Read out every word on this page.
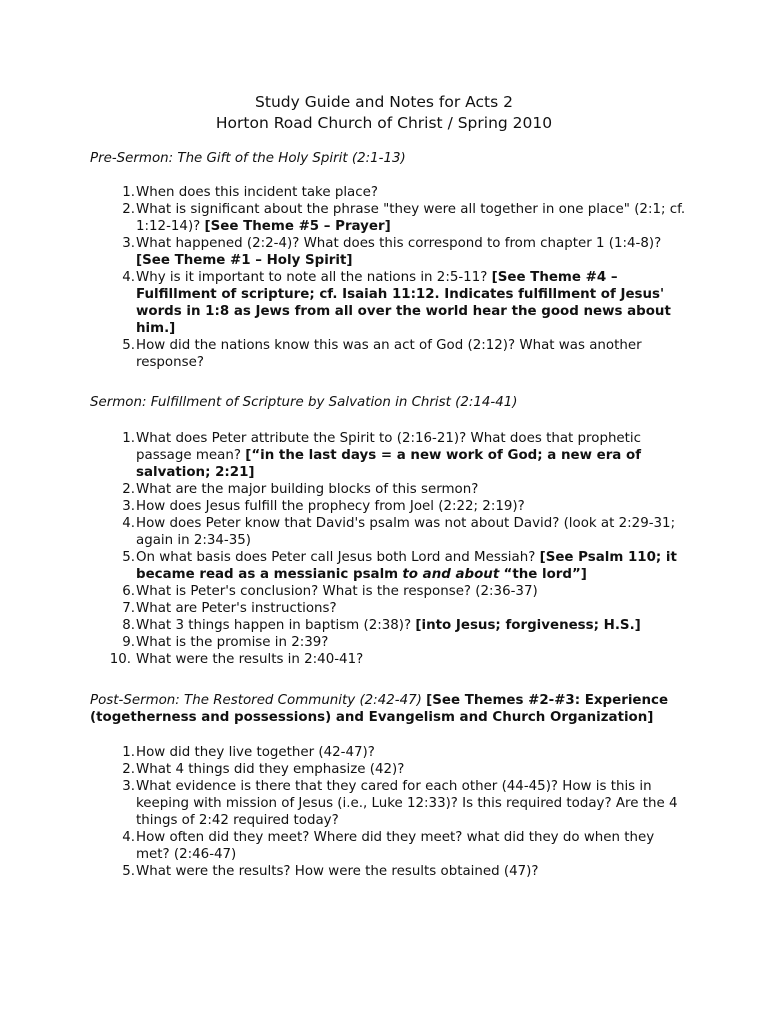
Study Guide and Notes for Acts 2
Horton Road Church of Christ / Spring 2010
Pre-Sermon: The Gift of the Holy Spirit (2:1-13)
1. When does this incident take place?
2. What is significant about the phrase "they were all together in one place" (2:1; cf. 1:12-14)? [See Theme #5 – Prayer]
3. What happened (2:2-4)? What does this correspond to from chapter 1 (1:4-8)? [See Theme #1 – Holy Spirit]
4. Why is it important to note all the nations in 2:5-11? [See Theme #4 – Fulfillment of scripture; cf. Isaiah 11:12. Indicates fulfillment of Jesus' words in 1:8 as Jews from all over the world hear the good news about him.]
5. How did the nations know this was an act of God (2:12)? What was another response?
Sermon: Fulfillment of Scripture by Salvation in Christ (2:14-41)
1. What does Peter attribute the Spirit to (2:16-21)? What does that prophetic passage mean? [“in the last days = a new work of God; a new era of salvation; 2:21]
2. What are the major building blocks of this sermon?
3. How does Jesus fulfill the prophecy from Joel (2:22; 2:19)?
4. How does Peter know that David's psalm was not about David? (look at 2:29-31; again in 2:34-35)
5. On what basis does Peter call Jesus both Lord and Messiah? [See Psalm 110; it became read as a messianic psalm to and about “the lord”]
6. What is Peter's conclusion? What is the response? (2:36-37)
7. What are Peter's instructions?
8. What 3 things happen in baptism (2:38)? [into Jesus; forgiveness; H.S.]
9. What is the promise in 2:39?
10. What were the results in 2:40-41?
Post-Sermon: The Restored Community (2:42-47) [See Themes #2-#3: Experience (togetherness and possessions) and Evangelism and Church Organization]
1. How did they live together (42-47)?
2. What 4 things did they emphasize (42)?
3. What evidence is there that they cared for each other (44-45)? How is this in keeping with mission of Jesus (i.e., Luke 12:33)? Is this required today? Are the 4 things of 2:42 required today?
4. How often did they meet? Where did they meet? what did they do when they met? (2:46-47)
5. What were the results? How were the results obtained (47)?
